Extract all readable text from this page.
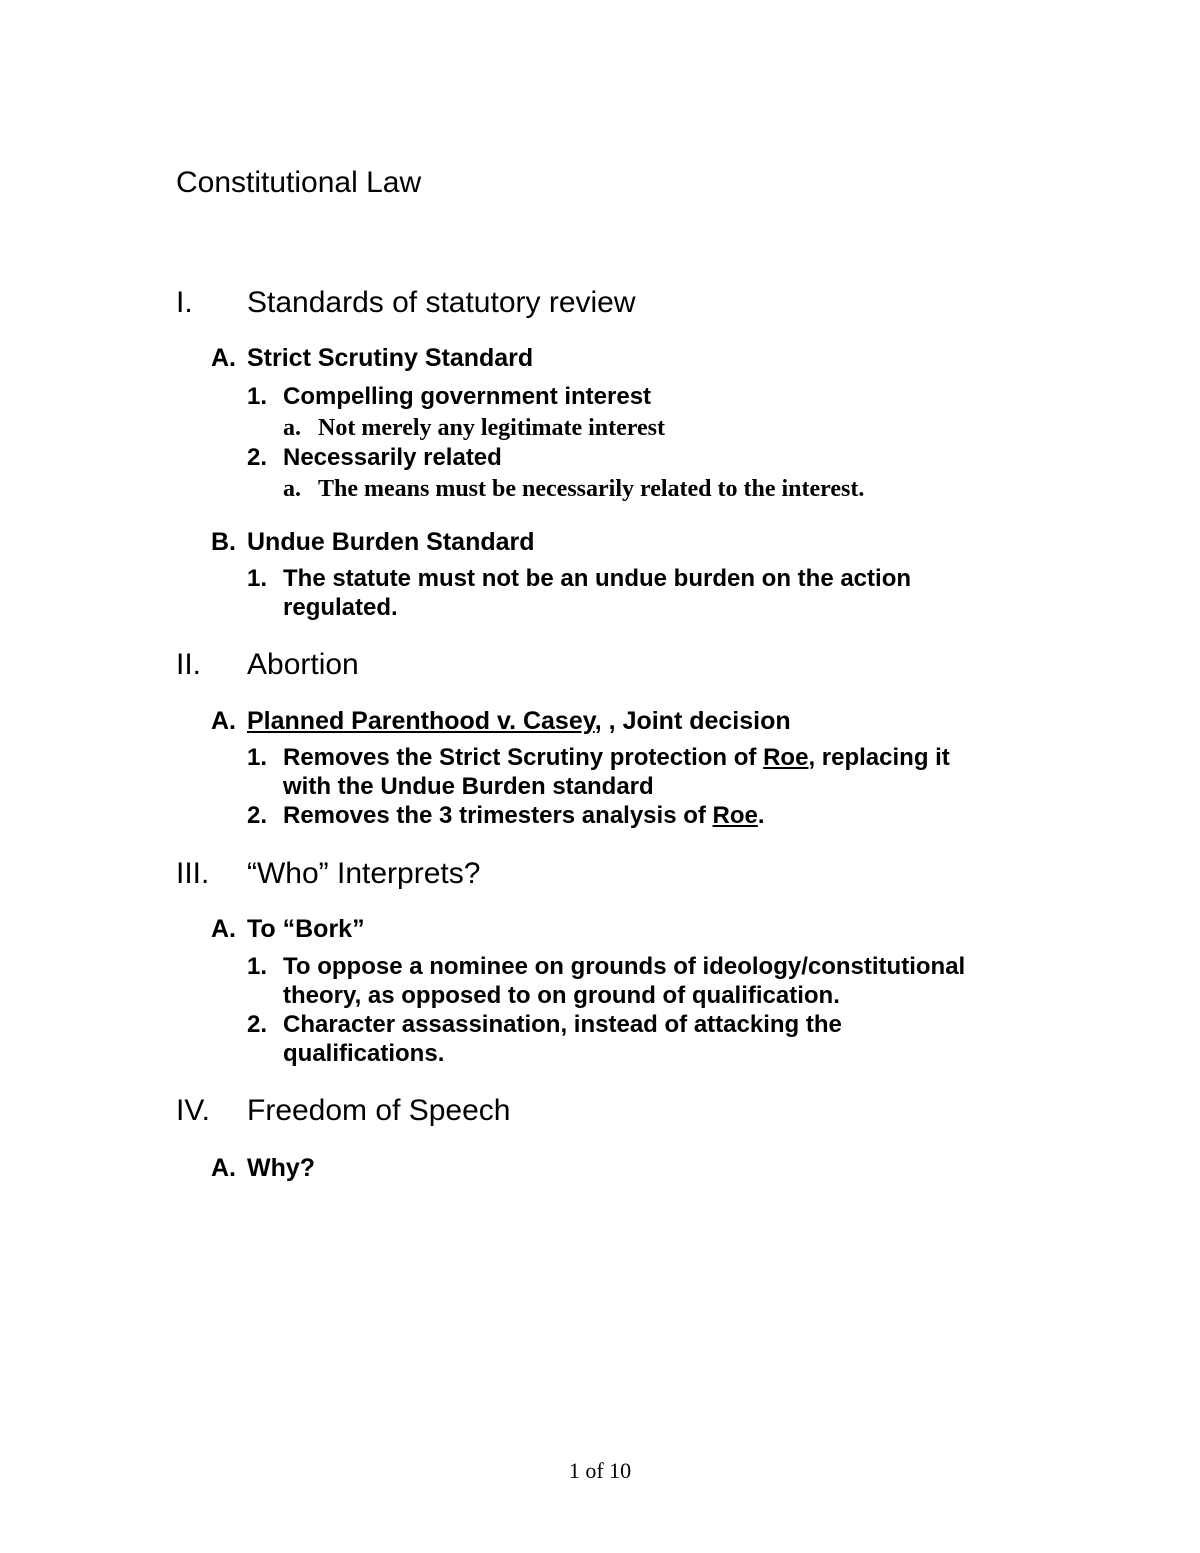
Constitutional Law
I. Standards of statutory review
A. Strict Scrutiny Standard
1. Compelling government interest
a. Not merely any legitimate interest
2. Necessarily related
a. The means must be necessarily related to the interest.
B. Undue Burden Standard
1. The statute must not be an undue burden on the action
regulated.
II. Abortion
A. Planned Parenthood v. Casey, , Joint decision
1. Removes the Strict Scrutiny protection of Roe, replacing it
with the Undue Burden standard
2. Removes the 3 trimesters analysis of Roe.
III. “Who” Interprets?
A. To “Bork”
1. To oppose a nominee on grounds of ideology/constitutional
theory, as opposed to on ground of qualification.
2. Character assassination, instead of attacking the
qualifications.
IV. Freedom of Speech
A. Why?
1 of 10
